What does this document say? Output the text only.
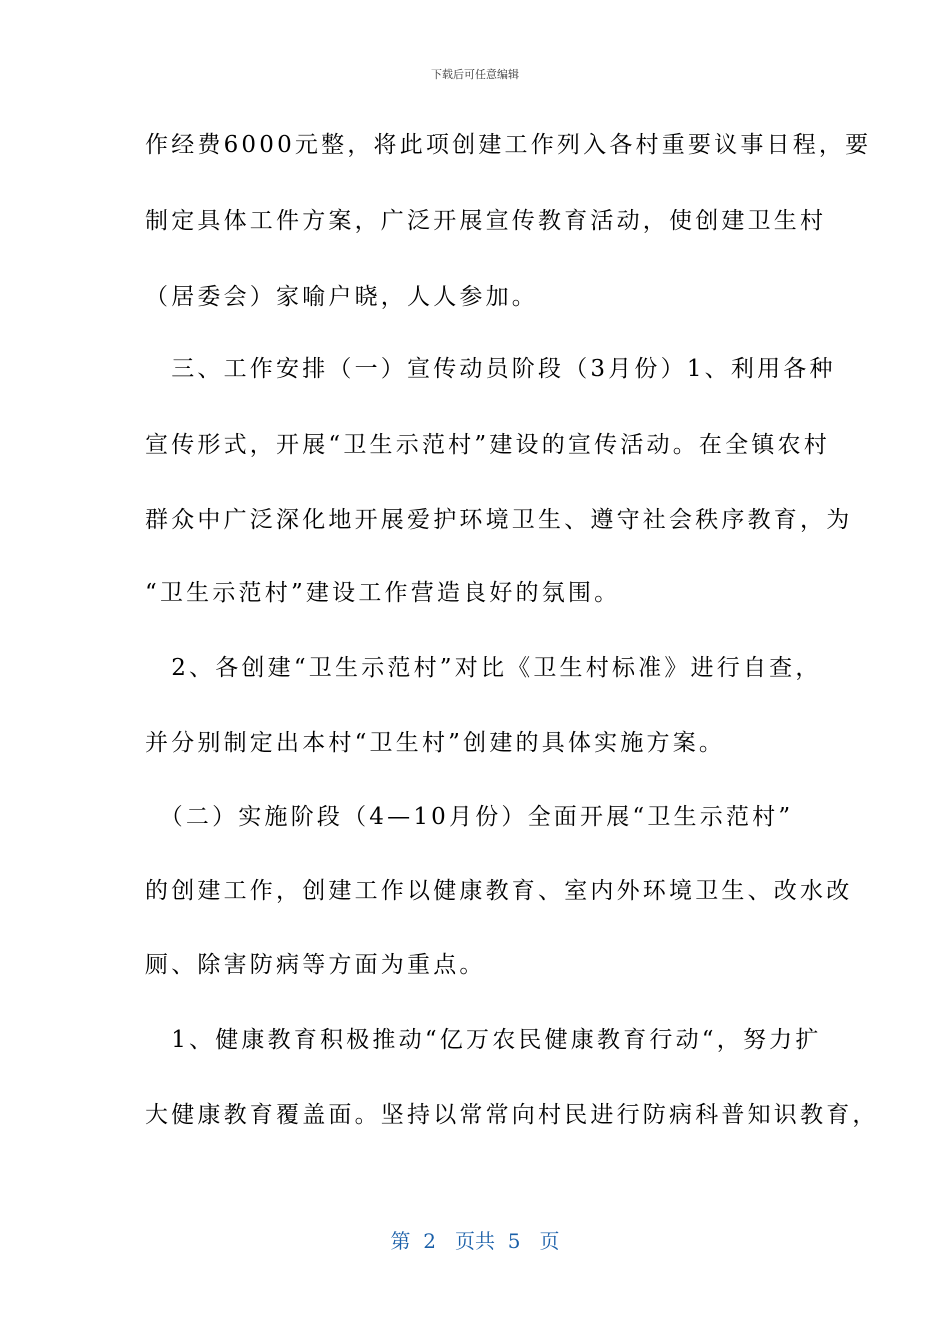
下载后可任意编辑
作经费6000元整，将此项创建工作列入各村重要议事日程，要
制定具体工件方案，广泛开展宣传教育活动，使创建卫生村
（居委会）家喻户晓，人人参加。
　三、工作安排（一）宣传动员阶段（3月份）1、利用各种
宣传形式，开展“卫生示范村”建设的宣传活动。在全镇农村
群众中广泛深化地开展爱护环境卫生、遵守社会秩序教育，为
“卫生示范村”建设工作营造良好的氛围。
　2、各创建“卫生示范村”对比《卫生村标准》进行自查，
并分别制定出本村“卫生村”创建的具体实施方案。
　（二）实施阶段（4—10月份）全面开展“卫生示范村”
的创建工作，创建工作以健康教育、室内外环境卫生、改水改
厕、除害防病等方面为重点。
　1、健康教育积极推动“亿万农民健康教育行动“，努力扩
大健康教育覆盖面。坚持以常常向村民进行防病科普知识教育，
第  2   页共  5   页
